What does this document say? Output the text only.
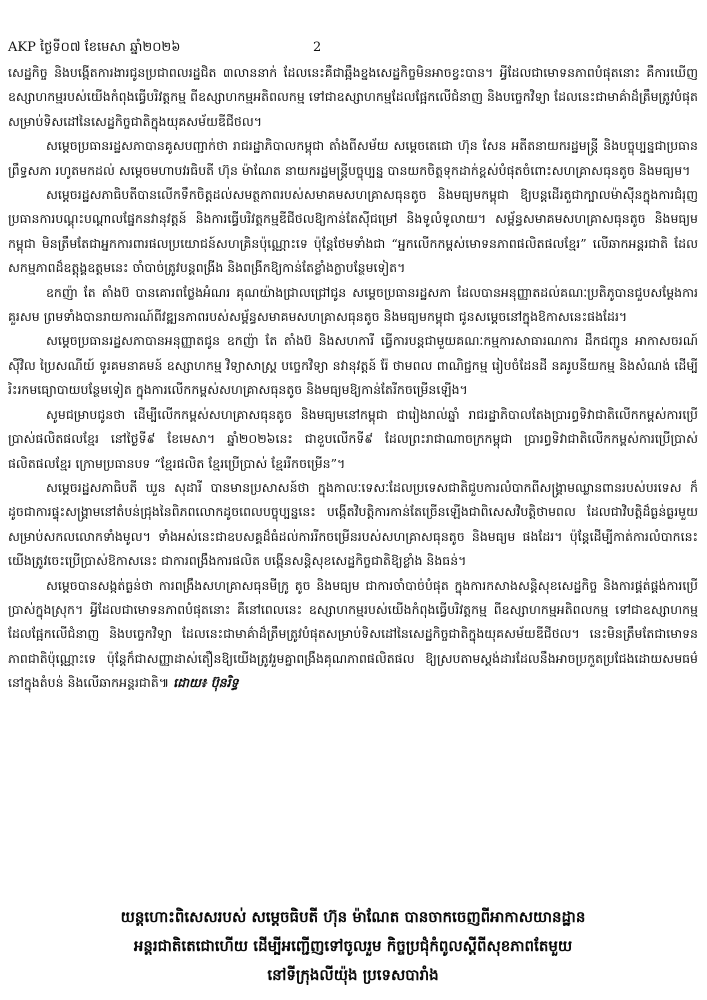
AKP ថ្ងៃទី០៧ ខែមេសា ឆ្នាំ២០២៦	2

សេដ្ឋកិច្ច និងបង្កើតការងារជូនប្រជាពលរដ្ឋជិត ៣លាននាក់ ដែលនេះគឺជាឆ្អឹងខ្នងសេដ្ឋកិច្ចមិនអាចខ្វះបាន។ អ្វីដែលជាមោទនភាពបំផុតនោះ គឺការឃើញឧស្សាហកម្មរបស់យើងកំពុងធ្វើបរិវត្តកម្ម ពីឧស្សាហកម្មអតិពលកម្ម ទៅជាឧស្សាហកម្មដែលផ្អែកលើជំនាញ និងបច្ចេកវិទ្យា ដែលនេះជាមាគ៌ាដ៏ត្រឹមត្រូវបំផុតសម្រាប់ទិសដៅនៃសេដ្ឋកិច្ចជាតិក្នុងយុគសម័យឌីជីថល។

សម្តេចប្រធានរដ្ឋសភាបានគូសបញ្ជាក់ថា រាជរដ្ឋាភិបាលកម្ពុជា តាំងពីសម័យ សម្តេចតេជោ ហ៊ុន សែន អតីតនាយករដ្ឋមន្ត្រី និងបច្ចុប្បន្នជាប្រធានព្រឹទ្ធសភា រហូតមកដល់ សម្តេចមហាបវរធិបតី ហ៊ុន ម៉ាណែត នាយករដ្ឋមន្ត្រីបច្ចុប្បន្ន បានយកចិត្តទុកដាក់ខ្ពស់បំផុតចំពោះសហគ្រាសធុនតូច និងមធ្យម។

សម្តេចរដ្ឋសភាធិបតីបានលើកទឹកចិត្តដល់សមត្ថភាពរបស់សមាគមសហគ្រាសធុនតូច និងមធ្យមកម្ពុជា ឱ្យបន្តដើរតួជាក្បាលម៉ាស៊ីនក្នុងការជំរុញប្រធានការបណ្តុះបណ្តាលផ្នែកនវានុវត្តន៍ និងការធ្វើបរិវត្តកម្មឌីជីថលឱ្យកាន់តែស៊ីជម្រៅ និងទូលំទូលាយ។ សម្ព័ន្ធសមាគមសហគ្រាសធុនតូច និងមធ្យមកម្ពុជា មិនត្រឹមតែជាអ្នកការពារផលប្រយោជន៍សហគ្រិនប៉ុណ្ណោះទេ ប៉ុន្តែថែមទាំងជា “អ្នកលើកកម្ពស់មោទនភាពផលិតផលខ្មែរ” លើឆាកអន្តរជាតិ ដែលសកម្មភាពដ៏ឧត្តុង្គឧត្តមនេះ ចាំបាច់ត្រូវបន្តពង្រីង និងពង្រីកឱ្យកាន់តែខ្លាំងក្លាបន្ថែមទៀត។

ឧកញ៉ា តែ តាំងប៊ បានគោរពថ្លែងអំណរ គុណយ៉ាងជ្រាលជ្រៅជូន សម្តេចប្រធានរដ្ឋសភា ដែលបានអនុញ្ញាតដល់គណៈប្រតិភូបានជួបសម្តែងការគួរសម ព្រមទាំងបានរាយការណ៍ពីវឌ្ឍនភាពរបស់សម្ព័ន្ធសមាគមសហគ្រាសធុនតូច និងមធ្យមកម្ពុជា ជូនសម្តេចនៅក្នុងឱកាសនេះផងដែរ។

សម្តេចប្រធានរដ្ឋសភាបានអនុញ្ញាតជូន ឧកញ៉ា តែ តាំងប៊ និងសហការី ធ្វើការបន្តជាមួយគណៈកម្មការសាធារណការ ដឹកជញ្ជូន អាកាសចរណ៍ស៊ីវិល ប្រៃសណីយ៍ ទូរគមនាគមន៍ ឧស្សាហកម្ម វិទ្យាសាស្ត្រ បច្ចេកវិទ្យា នវានុវត្តន៍ រ៉ែ ថាមពល ពាណិជ្ជកម្ម រៀបចំដែនដី នគរូបនីយកម្ម និងសំណង់ ដើម្បីរិះរកមធ្យោបាយបន្ថែមទៀត ក្នុងការលើកកម្ពស់សហគ្រាសធុនតូច និងមធ្យមឱ្យកាន់តែរីកចម្រើនឡើង។

សូមជម្រាបជូនថា ដើម្បីលើកកម្ពស់សហគ្រាសធុនតូច និងមធ្យមនៅកម្ពុជា ជារៀងរាល់ឆ្នាំ រាជរដ្ឋាភិបាលតែងប្រារព្ធទិវាជាតិលើកកម្ពស់ការប្រើប្រាស់ផលិតផលខ្មែរ នៅថ្ងៃទី៩ ខែមេសា។ ឆ្នាំ២០២៦នេះ ជាខួបលើកទី៩ ដែលព្រះរាជាណាចក្រកម្ពុជា ប្រារព្ធទិវាជាតិលើកកម្ពស់ការប្រើប្រាស់ផលិតផលខ្មែរ ក្រោមប្រធានបទ “ខ្មែរផលិត ខ្មែរប្រើប្រាស់ ខ្មែររីកចម្រើន”។

សម្តេចរដ្ឋសភាធិបតី ឃួន សុដារី បានមានប្រសាសន៍ថា ក្នុងកាលៈទេសៈដែលប្រទេសជាតិជួបការលំបាកពីសង្គ្រាមឈ្លានពានរបស់បរទេស ក៏ដូចជាការផ្ទុះសង្គ្រាមនៅតំបន់ជ្រុងនៃពិភពលោកដូចពេលបច្ចុប្បន្ននេះ បង្កើតវិបត្តិការកាន់តែច្រើនឡើងជាពិសេសវិបត្តិថាមពល ដែលជាវិបត្តិដ៏ធ្ងន់ធ្ងរមួយសម្រាប់សកលលោកទាំងមូល។ ទាំងអស់នេះជាឧបសគ្គដ៏ធំដល់ការរីកចម្រើនរបស់សហគ្រាសធុនតូច និងមធ្យម ផងដែរ។ ប៉ុន្តែដើម្បីកាត់ការលំបាកនេះ យើងត្រូវចេះប្រើប្រាស់ឱកាសនេះ ជាការពង្រឹងការផលិត បង្កើនសន្តិសុខសេដ្ឋកិច្ចជាតិឱ្យខ្លាំង និងធន់។

សម្តេចបានសង្កត់ធ្ងន់ថា ការពង្រឹងសហគ្រាសធុនមីក្រូ តូច និងមធ្យម ជាការចាំបាច់បំផុត ក្នុងការកសាងសន្តិសុខសេដ្ឋកិច្ច និងការផ្គត់ផ្គង់ការប្រើប្រាស់ក្នុងស្រុក។ អ្វីដែលជាមោទនភាពបំផុតនោះ គឺនៅពេលនេះ ឧស្សាហកម្មរបស់យើងកំពុងធ្វើបរិវត្តកម្ម ពីឧស្សាហកម្មអតិពលកម្ម ទៅជាឧស្សាហកម្មដែលផ្អែកលើជំនាញ និងបច្ចេកវិទ្យា ដែលនេះជាមាគ៌ាដ៏ត្រឹមត្រូវបំផុតសម្រាប់ទិសដៅនៃសេដ្ឋកិច្ចជាតិក្នុងយុគសម័យឌីជីថល។ នេះមិនត្រឹមតែជាមោទនភាពជាតិប៉ុណ្ណោះទេ ប៉ុន្តែក៏ជាសញ្ញាដាស់តឿនឱ្យយើងត្រូវរួមគ្នាពង្រឹងគុណភាពផលិតផល ឱ្យស្របតាមស្តង់ដារដែលនឹងអាចប្រកួតប្រជែងដោយសមធម៌នៅក្នុងតំបន់ និងលើឆាកអន្តរជាតិ៕ ដោយ៖ ប៊ុនរិទ្ធ

យន្តហោះពិសេសរបស់ សម្តេចធិបតី ហ៊ុន ម៉ាណែត បានចាកចេញពីអាកាសយានដ្ឋាន
អន្តរជាតិតេជោហើយ ដើម្បីអញ្ជើញទៅចូលរួម កិច្ចប្រជុំកំពូលស្តីពីសុខភាពតែមួយ
នៅទីក្រុងលីយ៉ុង ប្រទេសបារាំង
